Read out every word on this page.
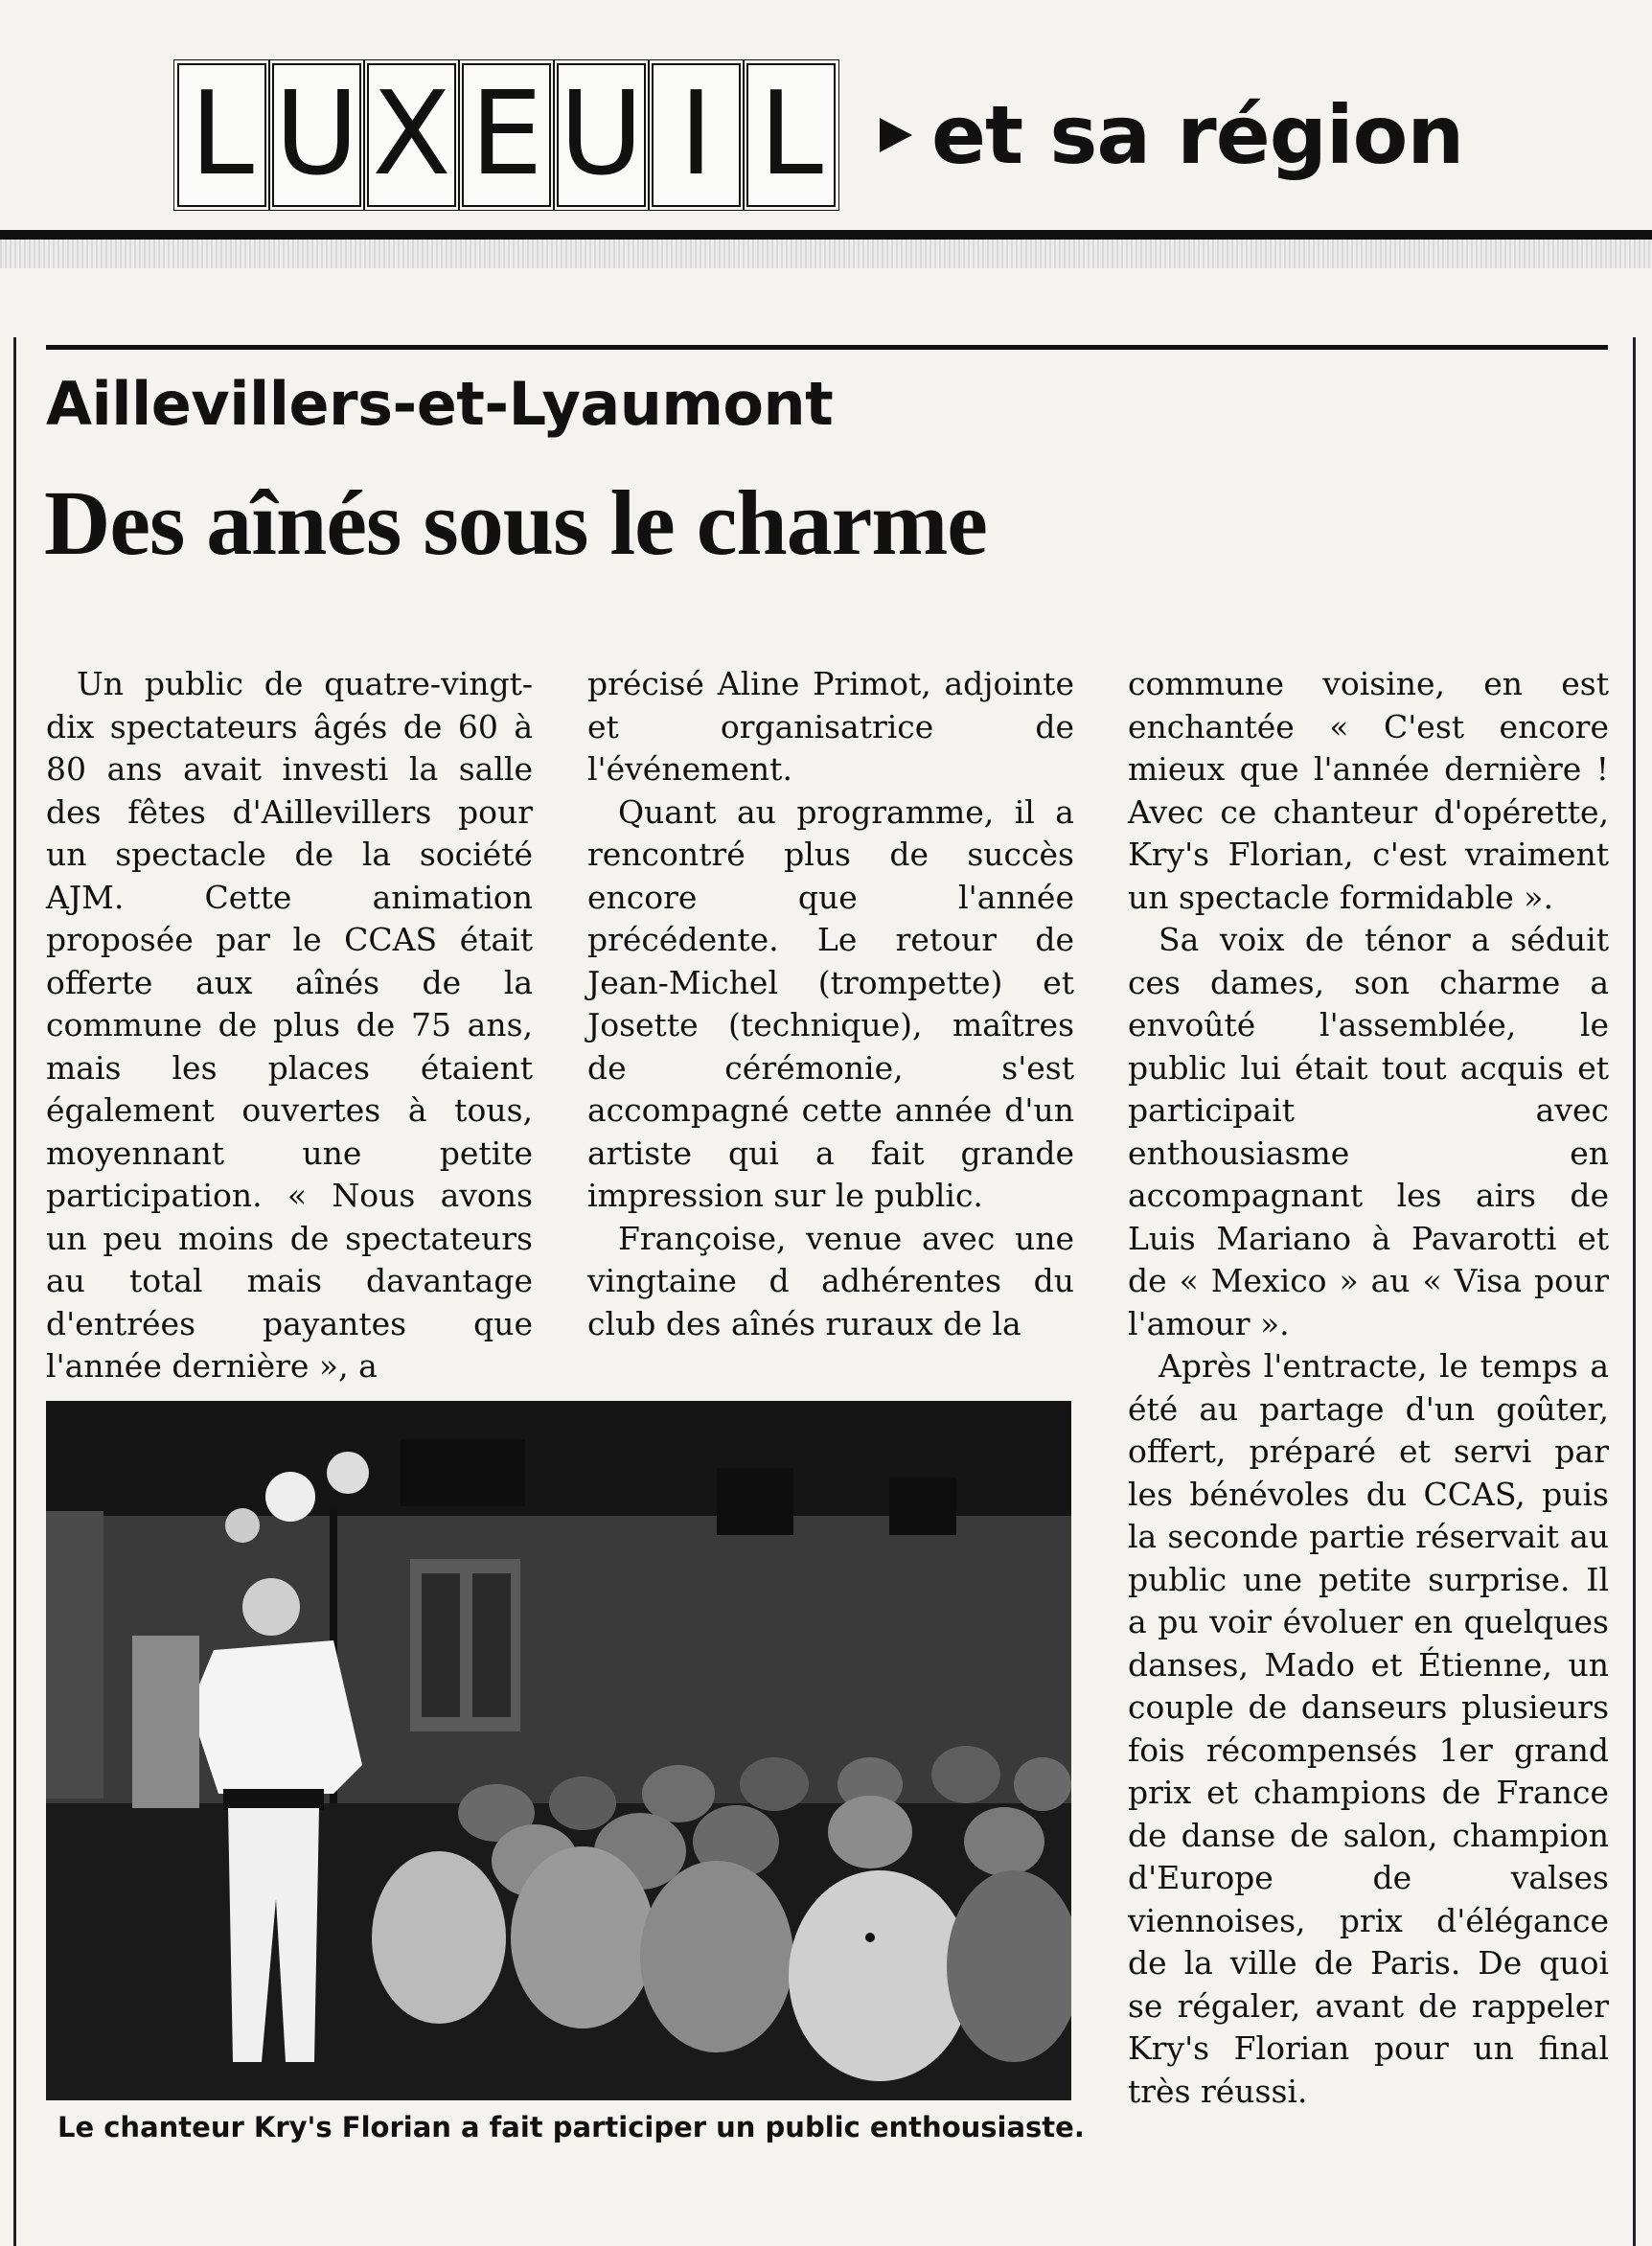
L U X E U I L et sa région
Aillevillers-et-Lyaumont
Des aînés sous le charme

Un public de quatre-vingt-dix spectateurs âgés de 60 à 80 ans avait investi la salle des fêtes d'Aillevillers pour un spectacle de la société AJM. Cette animation proposée par le CCAS était offerte aux aînés de la commune de plus de 75 ans, mais les places étaient également ouvertes à tous, moyennant une petite participation. « Nous avons un peu moins de spectateurs au total mais davantage d'entrées payantes que l'année dernière », a

précisé Aline Primot, adjointe et organisatrice de l'événement.

Quant au programme, il a rencontré plus de succès encore que l'année précédente. Le retour de Jean-Michel (trompette) et Josette (technique), maîtres de cérémonie, s'est accompagné cette année d'un artiste qui a fait grande impression sur le public.

Françoise, venue avec une vingtaine d adhérentes du club des aînés ruraux de la

commune voisine, en est enchantée « C'est encore mieux que l'année dernière ! Avec ce chanteur d'opérette, Kry's Florian, c'est vraiment un spectacle formidable ».

Sa voix de ténor a séduit ces dames, son charme a envoûté l'assemblée, le public lui était tout acquis et participait avec enthousiasme en accompagnant les airs de Luis Mariano à Pavarotti et de « Mexico » au « Visa pour l'amour ».

Après l'entracte, le temps a été au partage d'un goûter, offert, préparé et servi par les bénévoles du CCAS, puis la seconde partie réservait au public une petite surprise. Il a pu voir évoluer en quelques danses, Mado et Étienne, un couple de danseurs plusieurs fois récompensés 1er grand prix et champions de France de danse de salon, champion d'Europe de valses viennoises, prix d'élégance de la ville de Paris. De quoi se régaler, avant de rappeler Kry's Florian pour un final très réussi.

Le chanteur Kry's Florian a fait participer un public enthousiaste.
